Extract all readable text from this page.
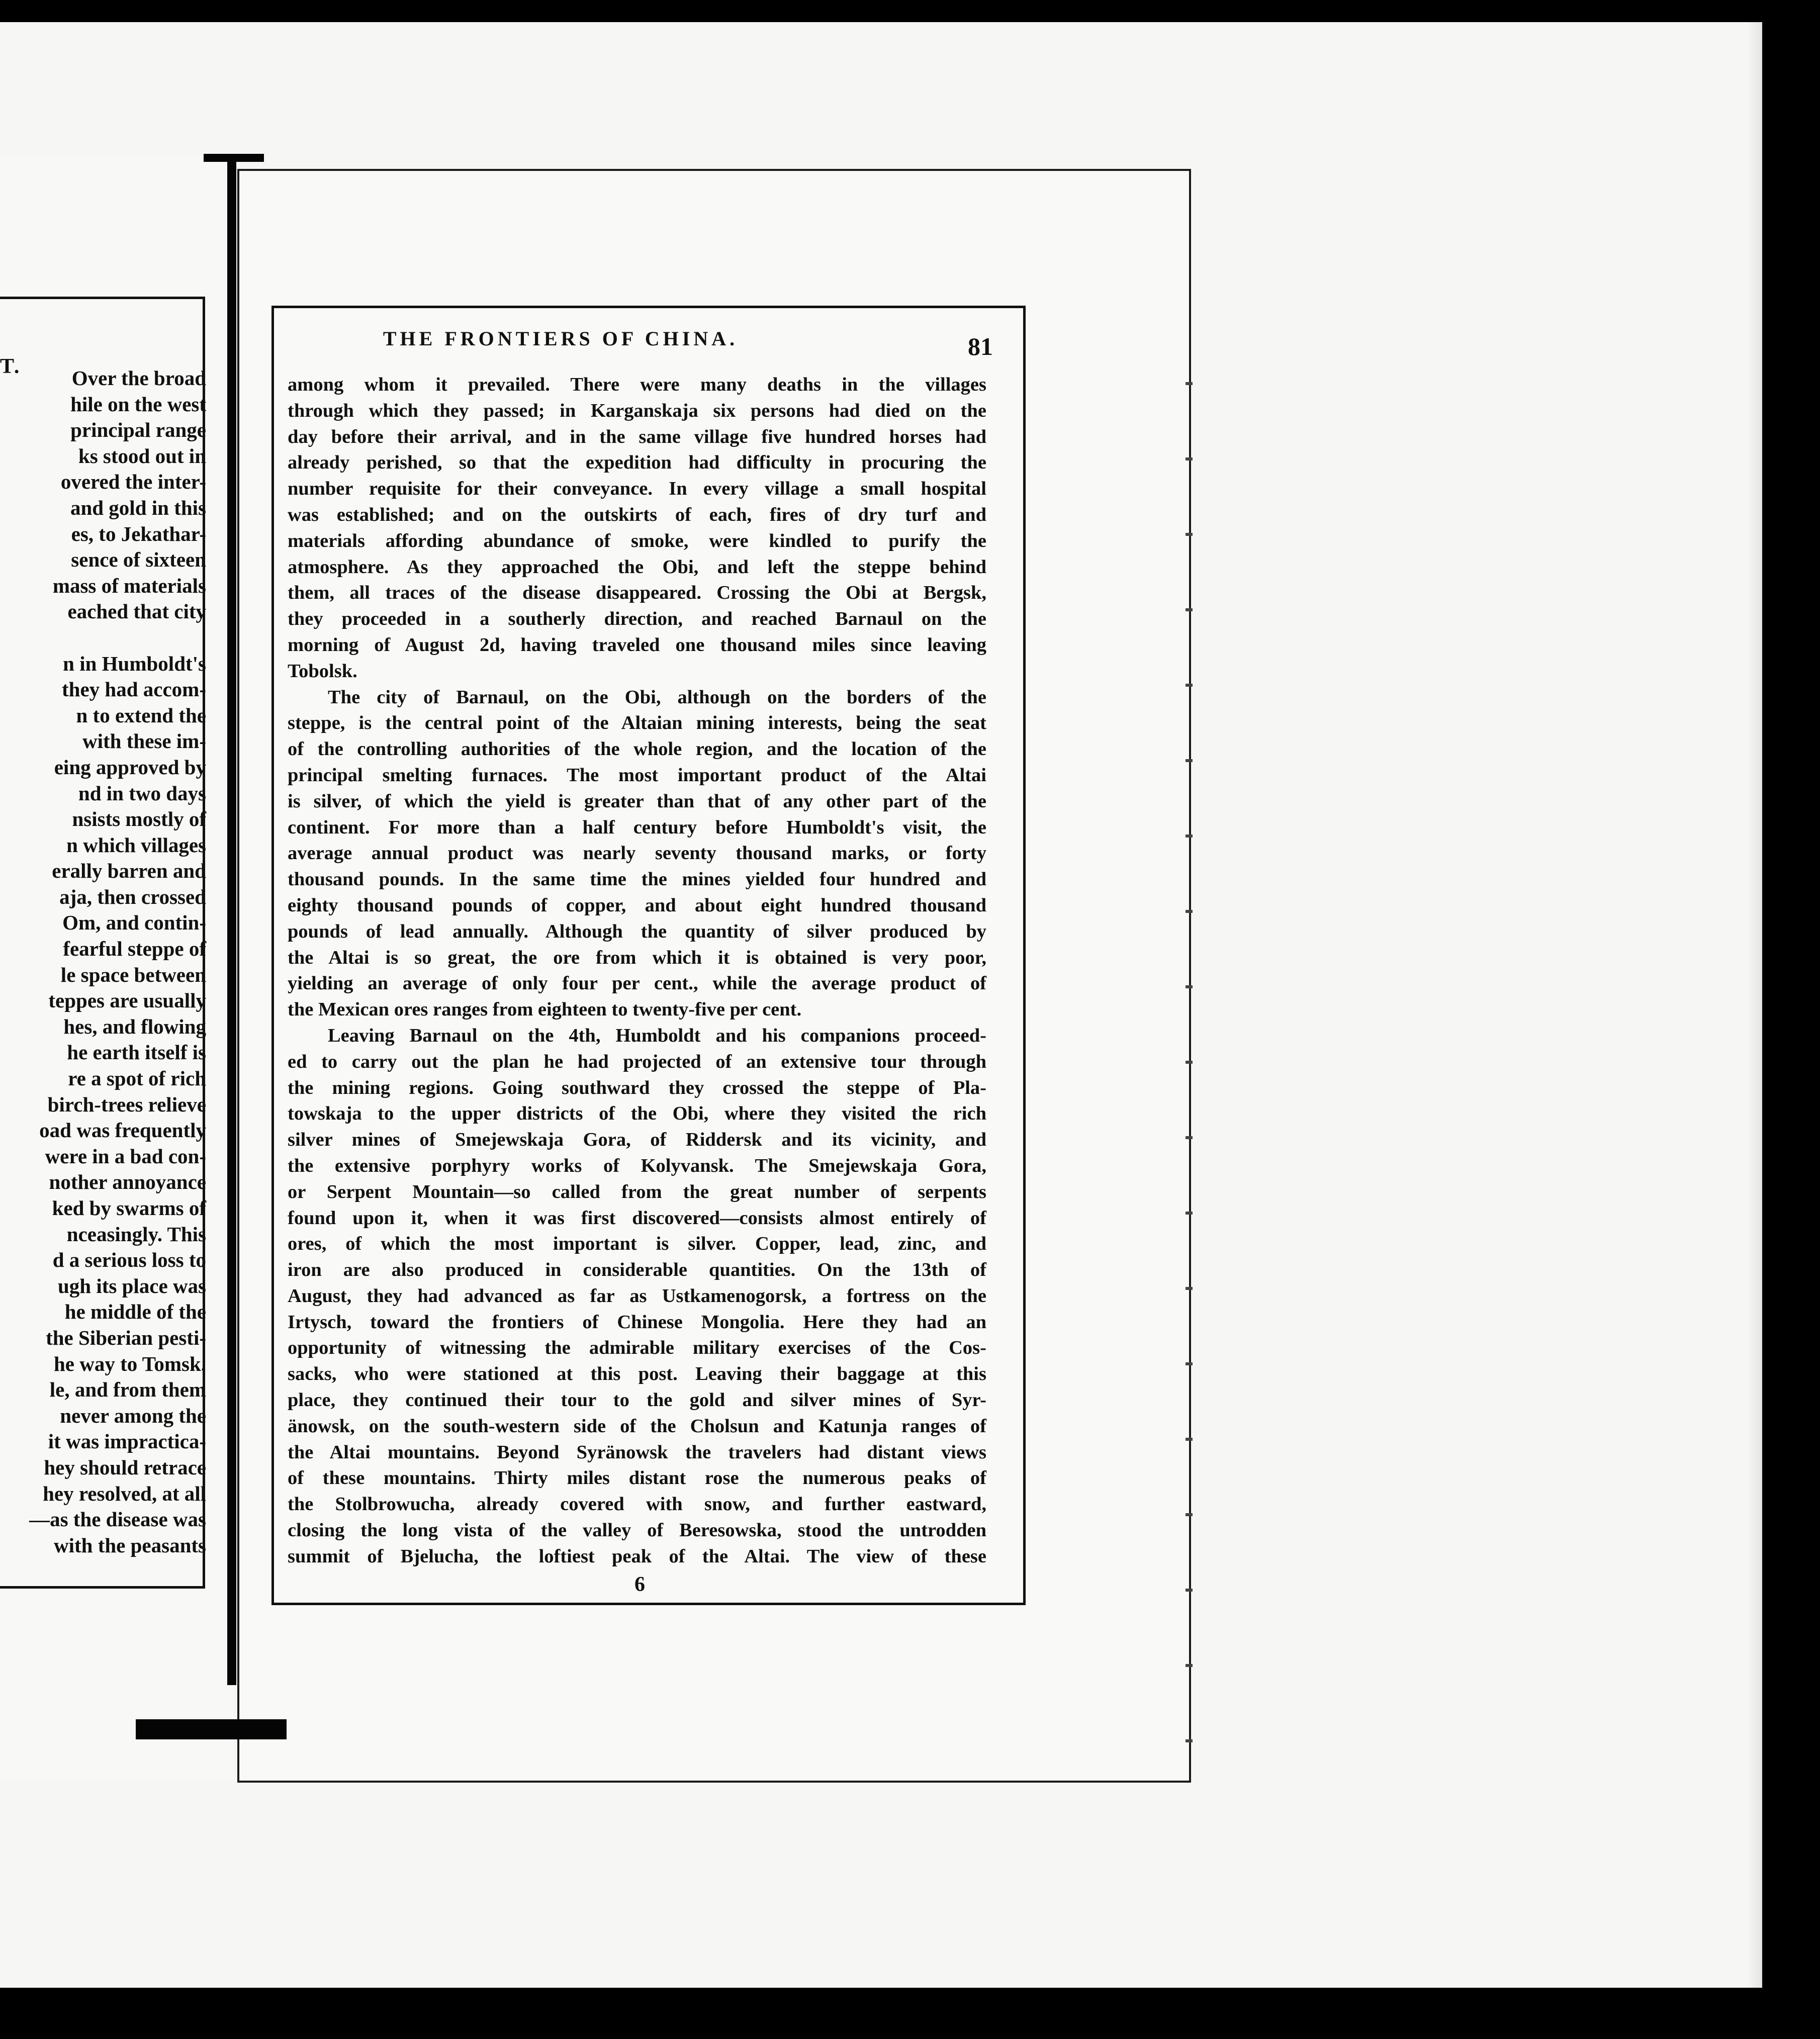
T.	Over the broad
hile on the west
principal range
ks stood out in
overed the inter-
and gold in this
es, to Jekathar-
sence of sixteen
mass of materials
eached that city

n in Humboldt's
they had accom-
n to extend the
with these im-
eing approved by
nd in two days
nsists mostly of
n which villages
erally barren and
aja, then crossed
Om, and contin-
fearful steppe of
le space between
teppes are usually
hes, and flowing
he earth itself is
re a spot of rich
birch-trees relieve
oad was frequently
were in a bad con-
nother annoyance
ked by swarms of
nceasingly. This
d a serious loss to
ugh its place was
he middle of the
the Siberian pesti-
he way to Tomsk.
le, and from them
never among the
it was impractica-
hey should retrace
hey resolved, at all
—as the disease was
with the peasants
THE FRONTIERS OF CHINA.	81
among whom it prevailed. There were many deaths in the villages
through which they passed; in Karganskaja six persons had died on the
day before their arrival, and in the same village five hundred horses had
already perished, so that the expedition had difficulty in procuring the
number requisite for their conveyance. In every village a small hospital
was established; and on the outskirts of each, fires of dry turf and
materials affording abundance of smoke, were kindled to purify the
atmosphere. As they approached the Obi, and left the steppe behind
them, all traces of the disease disappeared. Crossing the Obi at Bergsk,
they proceeded in a southerly direction, and reached Barnaul on the
morning of August 2d, having traveled one thousand miles since leaving
Tobolsk.
The city of Barnaul, on the Obi, although on the borders of the
steppe, is the central point of the Altaian mining interests, being the seat
of the controlling authorities of the whole region, and the location of the
principal smelting furnaces. The most important product of the Altai
is silver, of which the yield is greater than that of any other part of the
continent. For more than a half century before Humboldt's visit, the
average annual product was nearly seventy thousand marks, or forty
thousand pounds. In the same time the mines yielded four hundred and
eighty thousand pounds of copper, and about eight hundred thousand
pounds of lead annually. Although the quantity of silver produced by
the Altai is so great, the ore from which it is obtained is very poor,
yielding an average of only four per cent., while the average product of
the Mexican ores ranges from eighteen to twenty-five per cent.
Leaving Barnaul on the 4th, Humboldt and his companions proceed-
ed to carry out the plan he had projected of an extensive tour through
the mining regions. Going southward they crossed the steppe of Pla-
towskaja to the upper districts of the Obi, where they visited the rich
silver mines of Smejewskaja Gora, of Riddersk and its vicinity, and
the extensive porphyry works of Kolyvansk. The Smejewskaja Gora,
or Serpent Mountain—so called from the great number of serpents
found upon it, when it was first discovered—consists almost entirely of
ores, of which the most important is silver. Copper, lead, zinc, and
iron are also produced in considerable quantities. On the 13th of
August, they had advanced as far as Ustkamenogorsk, a fortress on the
Irtysch, toward the frontiers of Chinese Mongolia. Here they had an
opportunity of witnessing the admirable military exercises of the Cos-
sacks, who were stationed at this post. Leaving their baggage at this
place, they continued their tour to the gold and silver mines of Syr-
änowsk, on the south-western side of the Cholsun and Katunja ranges of
the Altai mountains. Beyond Syränowsk the travelers had distant views
of these mountains. Thirty miles distant rose the numerous peaks of
the Stolbrowucha, already covered with snow, and further eastward,
closing the long vista of the valley of Beresowska, stood the untrodden
summit of Bjelucha, the loftiest peak of the Altai. The view of these
6
